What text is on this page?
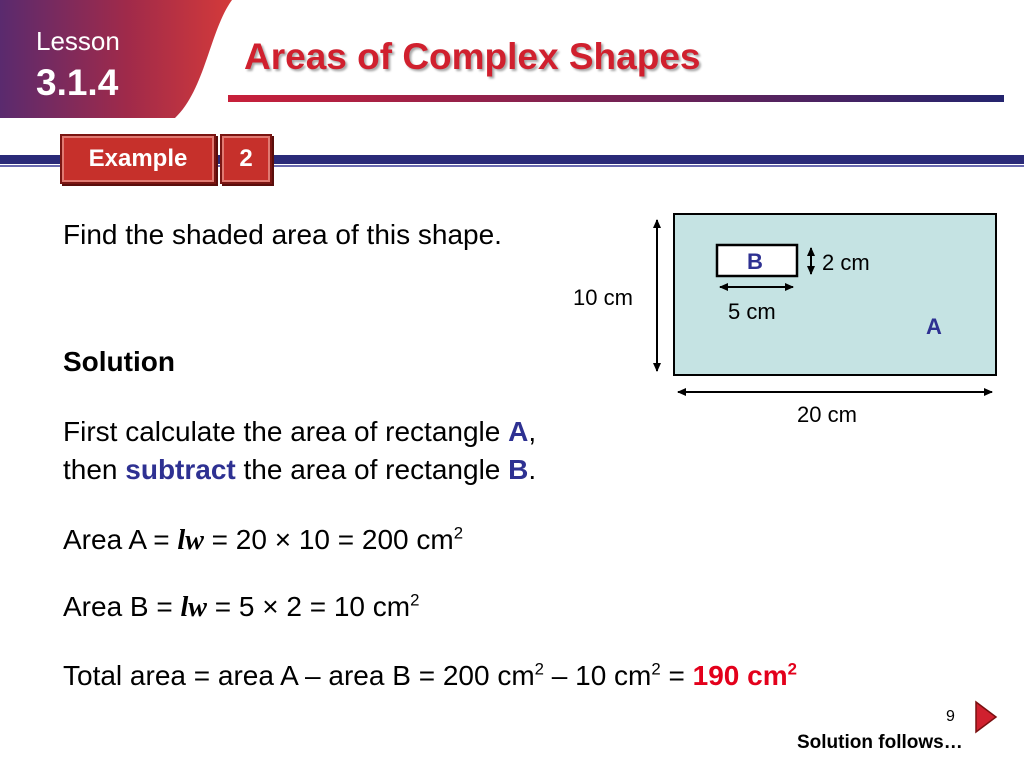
Lesson
3.1.4
Areas of Complex Shapes
Example	2
Find the shaded area of this shape.
Solution
First calculate the area of rectangle A,
then subtract the area of rectangle B.
Area A = lw = 20 × 10 = 200 $cm^2$
Area B = lw = 5 × 2 = 10 $cm^2$
Total area = area A – area B = 200 $cm^2 - 10$ $cm^2 = 190$ $cm^2$
B	2 cm
10 cm
5 cm
A
20 cm
9
Solution follows…
